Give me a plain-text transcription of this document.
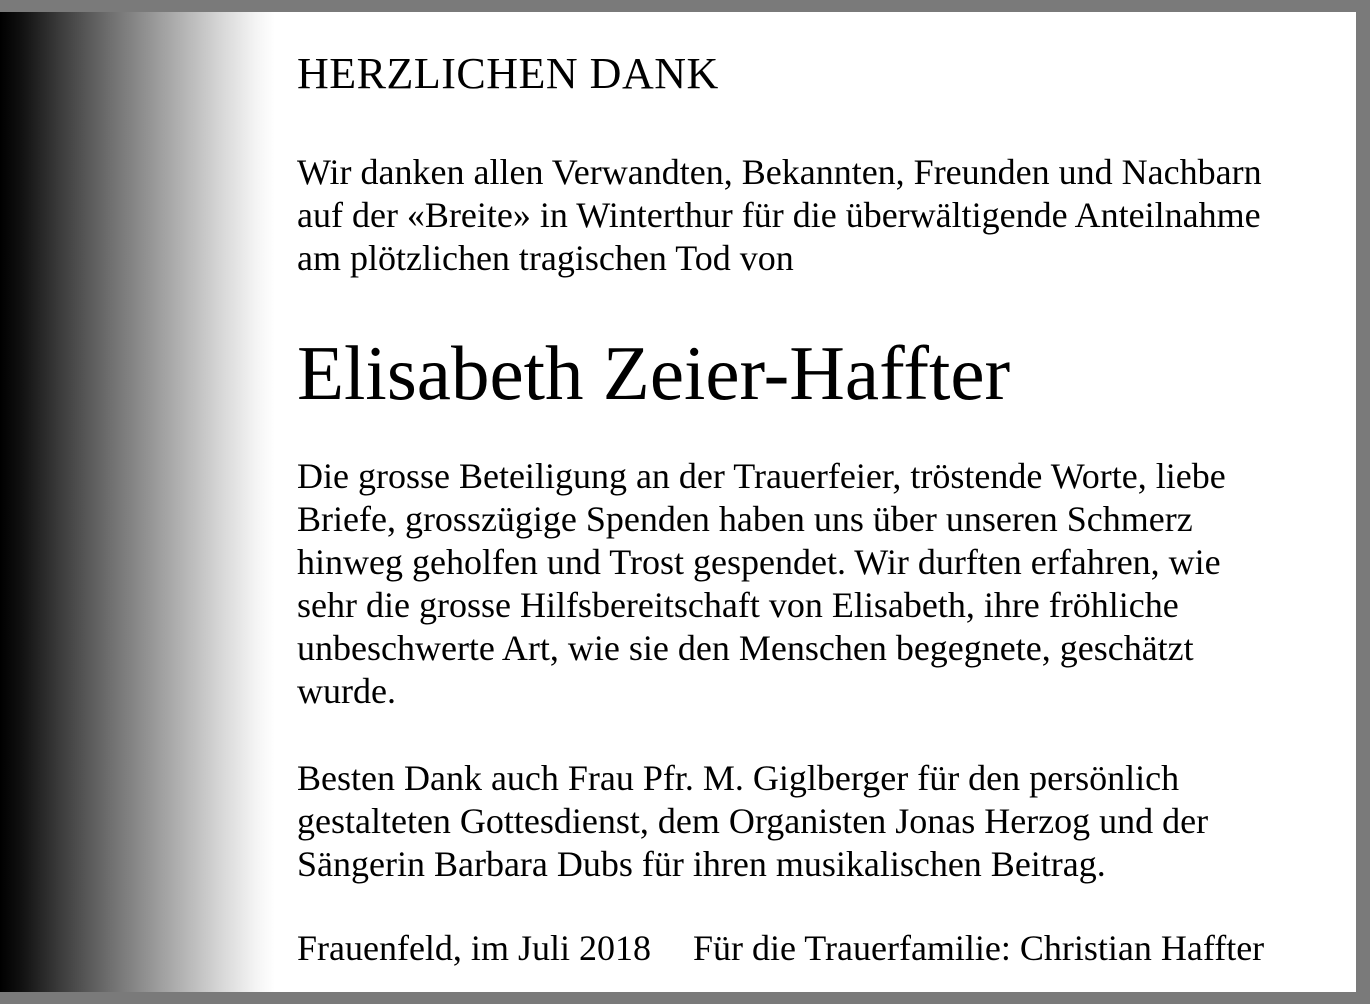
HERZLICHEN DANK

Wir danken allen Verwandten, Bekannten, Freunden und Nachbarn
auf der «Breite» in Winterthur für die überwältigende Anteilnahme
am plötzlichen tragischen Tod von

Elisabeth Zeier-Haffter

Die grosse Beteiligung an der Trauerfeier, tröstende Worte, liebe
Briefe, grosszügige Spenden haben uns über unseren Schmerz
hinweg geholfen und Trost gespendet. Wir durften erfahren, wie
sehr die grosse Hilfsbereitschaft von Elisabeth, ihre fröhliche
unbeschwerte Art, wie sie den Menschen begegnete, geschätzt
wurde.

Besten Dank auch Frau Pfr. M. Giglberger für den persönlich
gestalteten Gottesdienst, dem Organisten Jonas Herzog und der
Sängerin Barbara Dubs für ihren musikalischen Beitrag.

Frauenfeld, im Juli 2018 Für die Trauerfamilie: Christian Haffter
